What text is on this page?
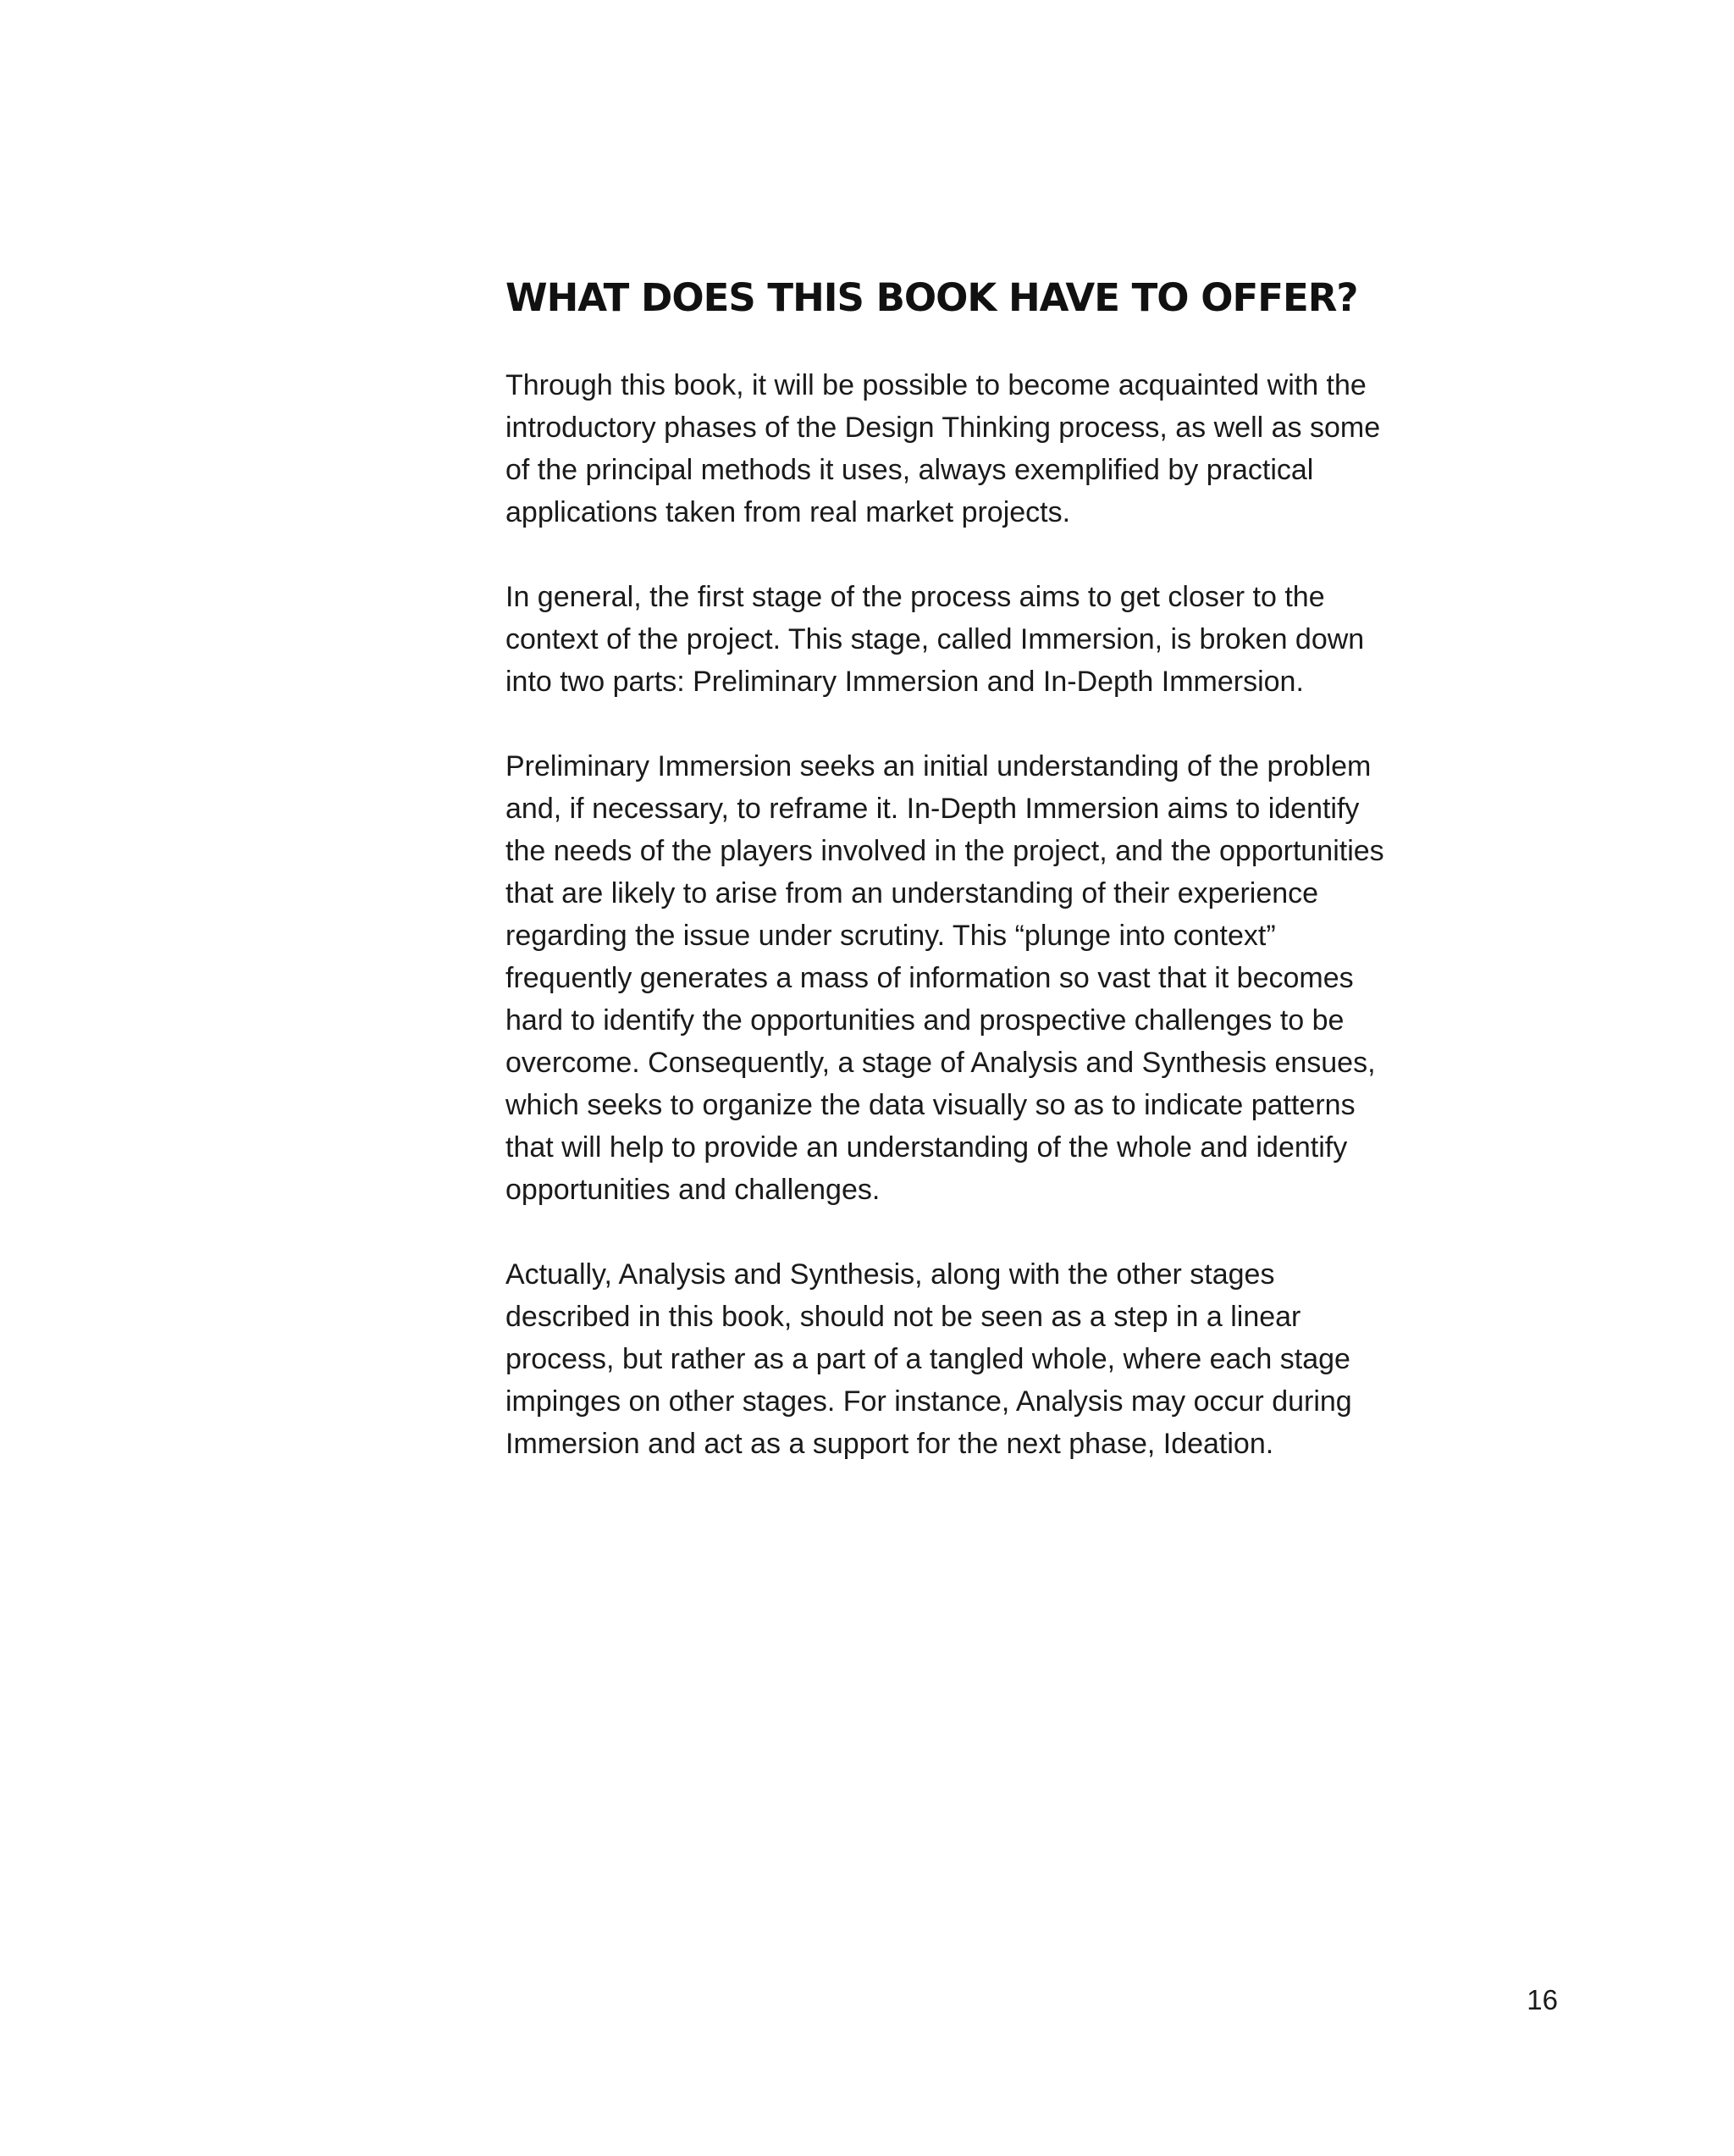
WHAT DOES THIS BOOK HAVE TO OFFER?

Through this book, it will be possible to become acquainted with the
introductory phases of the Design Thinking process, as well as some
of the principal methods it uses, always exemplified by practical
applications taken from real market projects.

In general, the first stage of the process aims to get closer to the
context of the project. This stage, called Immersion, is broken down
into two parts: Preliminary Immersion and In-Depth Immersion.

Preliminary Immersion seeks an initial understanding of the problem
and, if necessary, to reframe it. In-Depth Immersion aims to identify
the needs of the players involved in the project, and the opportunities
that are likely to arise from an understanding of their experience
regarding the issue under scrutiny. This “plunge into context”
frequently generates a mass of information so vast that it becomes
hard to identify the opportunities and prospective challenges to be
overcome. Consequently, a stage of Analysis and Synthesis ensues,
which seeks to organize the data visually so as to indicate patterns
that will help to provide an understanding of the whole and identify
opportunities and challenges.

Actually, Analysis and Synthesis, along with the other stages
described in this book, should not be seen as a step in a linear
process, but rather as a part of a tangled whole, where each stage
impinges on other stages. For instance, Analysis may occur during
Immersion and act as a support for the next phase, Ideation.

16
